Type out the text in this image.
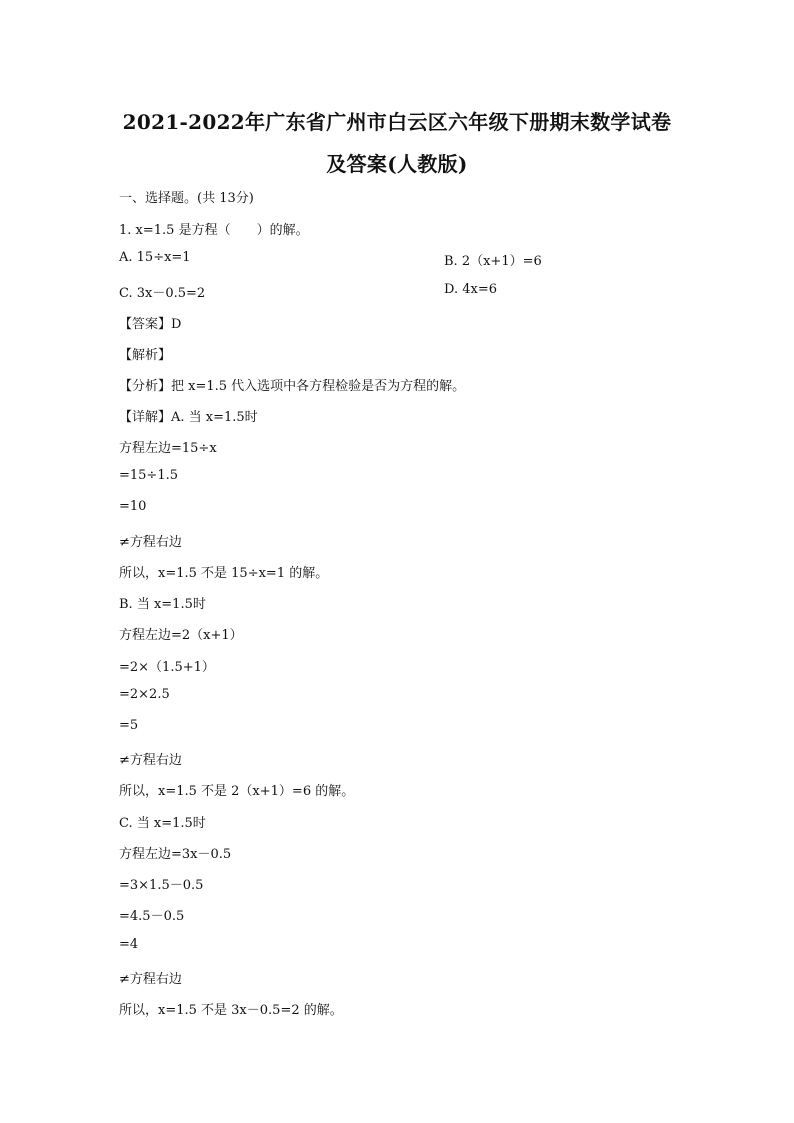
2021-2022年广东省广州市白云区六年级下册期末数学试卷
及答案(人教版)
一、选择题。(共 13分)
1. x=1.5 是方程（　　）的解。
A. 15÷x=1	B. 2（x+1）=6
C. 3x－0.5=2	D. 4x=6
【答案】D
【解析】
【分析】把 x=1.5 代入选项中各方程检验是否为方程的解。
【详解】A. 当 x=1.5时
方程左边=15÷x
=15÷1.5
=10
≠方程右边
所以，x=1.5 不是 15÷x=1 的解。
B. 当 x=1.5时
方程左边=2（x+1）
=2×（1.5+1）
=2×2.5
=5
≠方程右边
所以，x=1.5 不是 2（x+1）=6 的解。
C. 当 x=1.5时
方程左边=3x－0.5
=3×1.5－0.5
=4.5－0.5
=4
≠方程右边
所以，x=1.5 不是 3x－0.5=2 的解。
